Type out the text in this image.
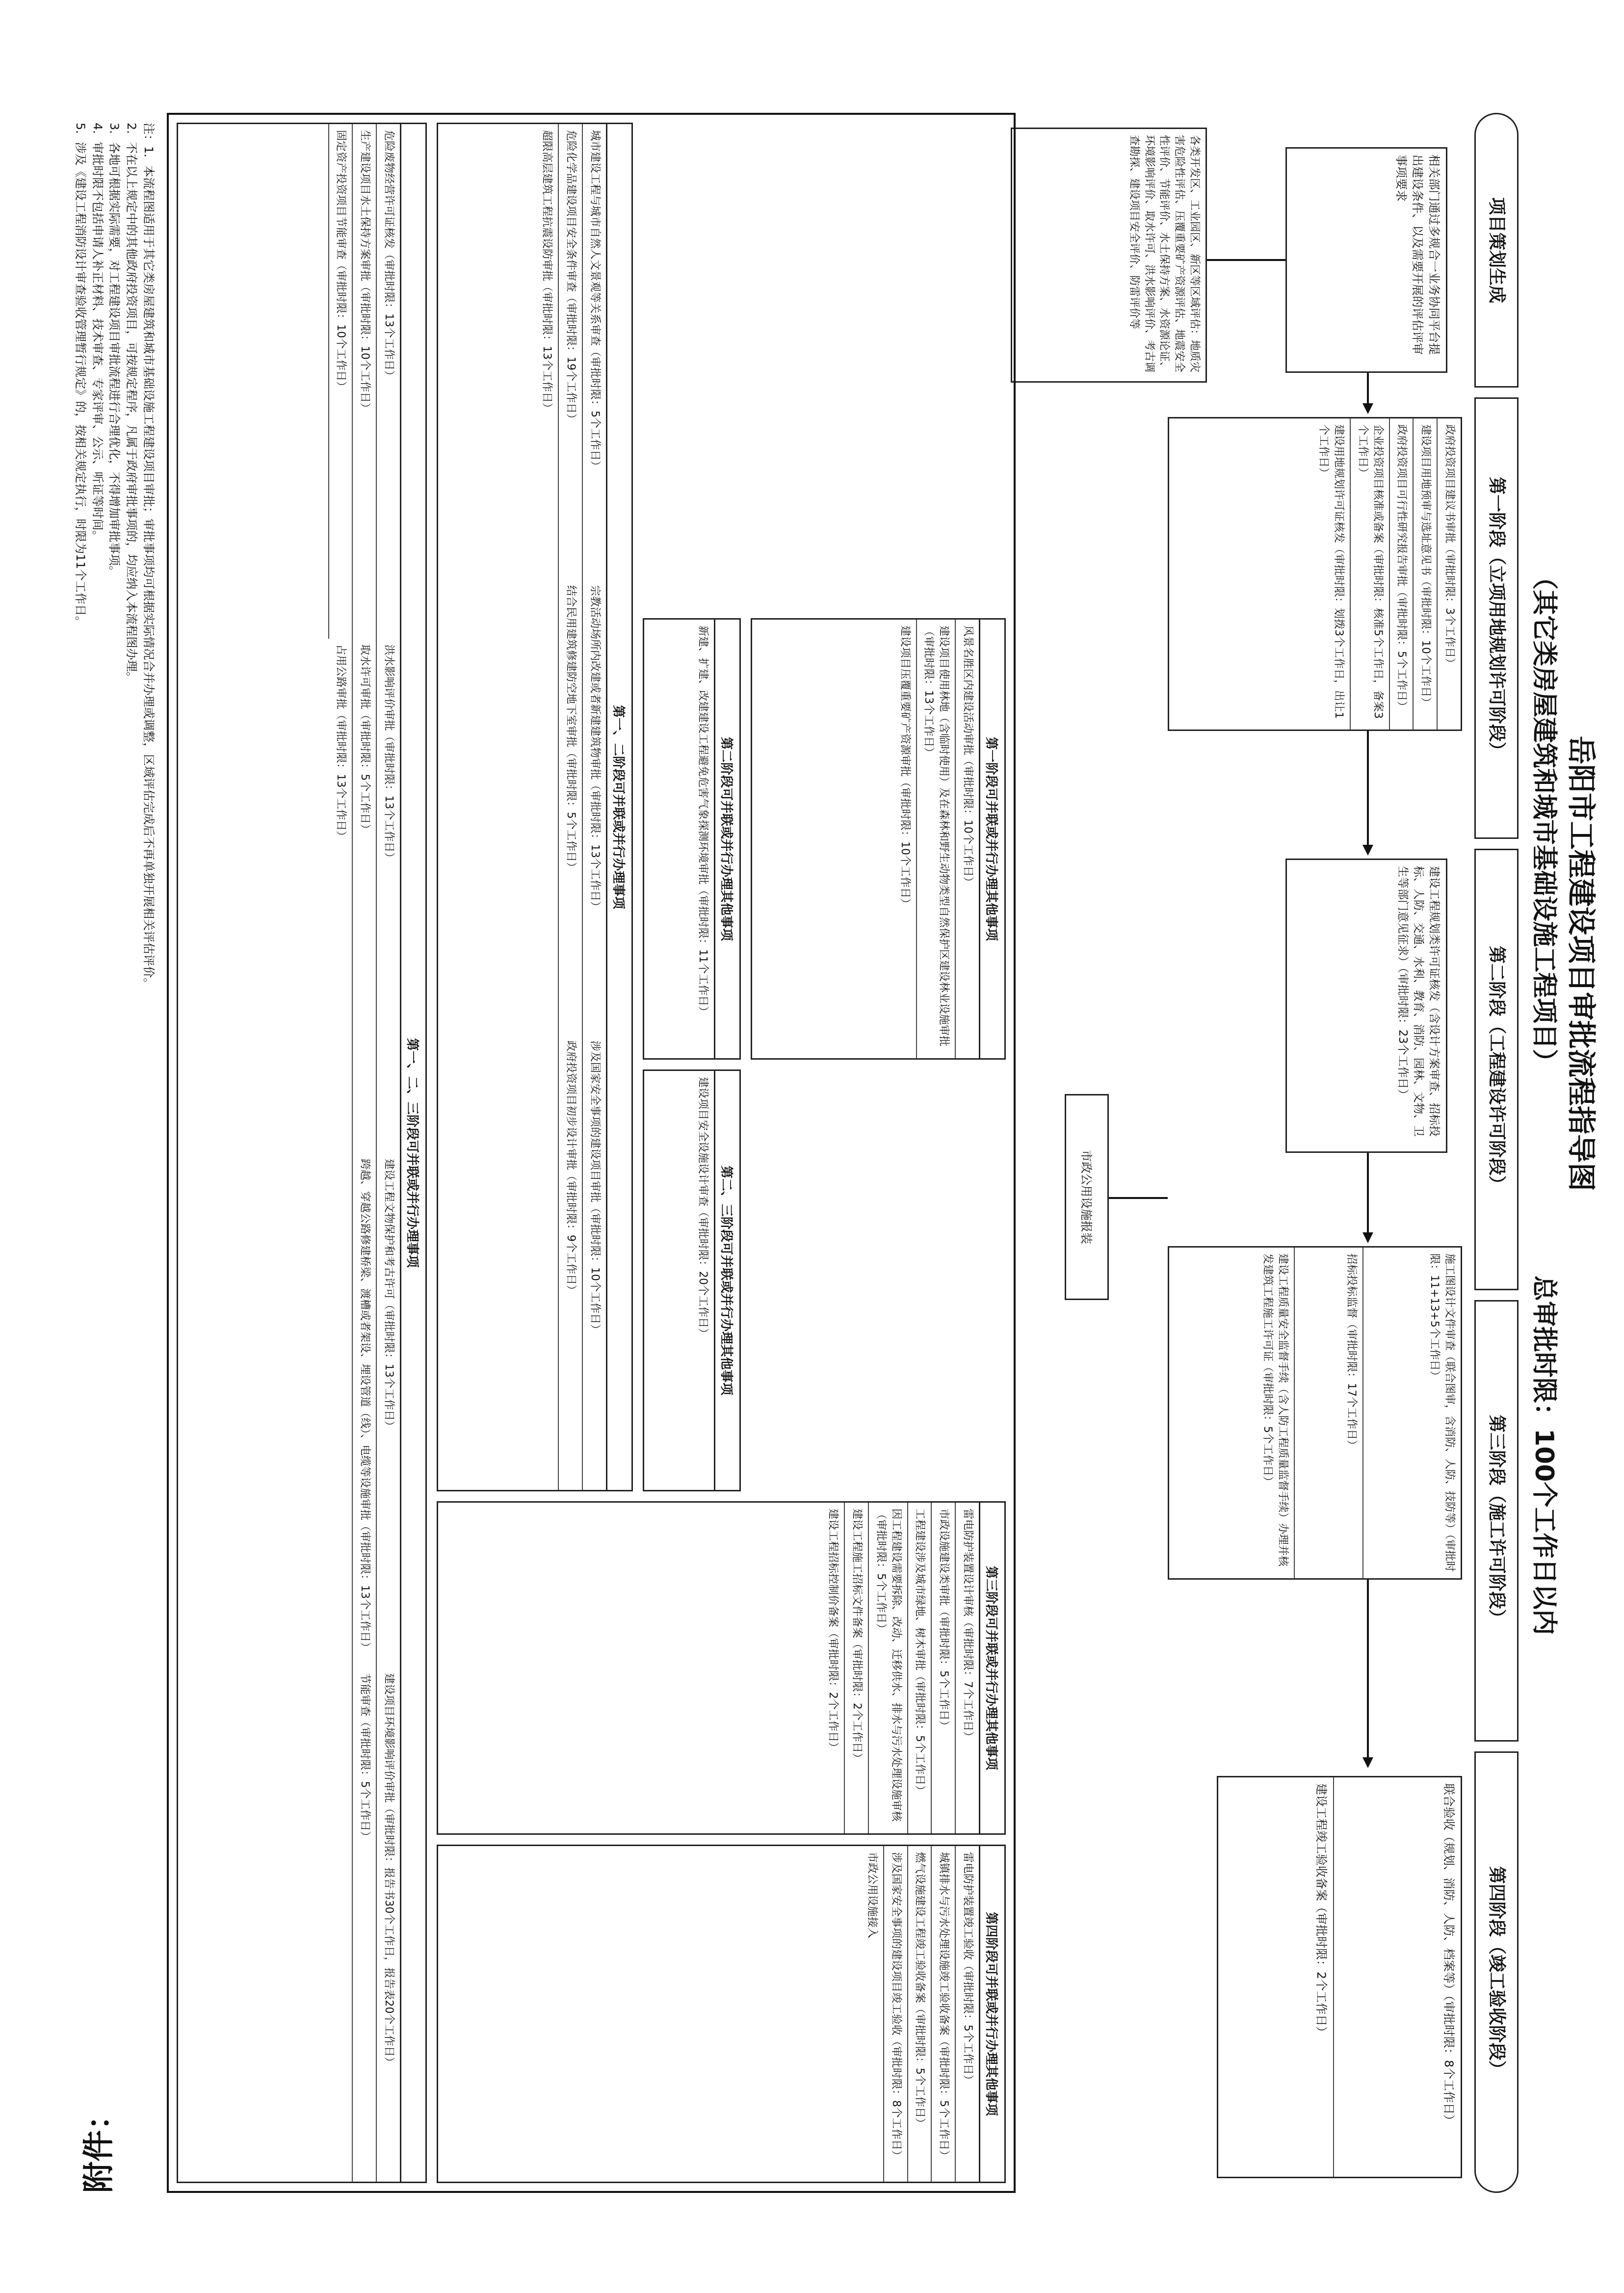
附件：
岳阳市工程建设项目审批流程指导图
（其它类房屋建筑和城市基础设施工程项目）
总审批时限：100个工作日以内
项目策划生成
第一阶段（立项用地规划许可阶段）
第二阶段（工程建设许可阶段）
第三阶段（施工许可阶段）
第四阶段（竣工验收阶段）
相关部门通过多规合一业务协同平台提出建设条件、以及需要开展的评估评审事项要求
各类开发区、工业园区、新区等区域评估：地质灾害危险性评估、压覆重要矿产资源评估、地震安全性评价、节能评价、水土保持方案、水资源论证、环境影响评价、取水许可、洪水影响评价、考古调查勘探、建设项目安全评价、防雷评价等
政府投资项目建议书审批（审批时限：3个工作日）
建设项目用地预审与选址意见书（审批时限：10个工作日）
政府投资项目可行性研究报告审批（审批时限：5个工作日）
企业投资项目核准或备案（审批时限：核准5个工作日，备案3个工作日）
建设用地规划许可证核发（审批时限：划拨3个工作日，出让1个工作日）
建设工程规划类许可证核发（含设计方案审查、招标投标、人防、交通、水利、教育、消防、园林、文物、卫生等部门意见征求）（审批时限：23个工作日）
施工图设计文件审查（联合图审，含消防、人防、技防等）（审批时限：11+13+5个工作日）
招标投标监督（审批时限：17个工作日）
建设工程质量安全监督手续（含人防工程质量监督手续）办理并核发建筑工程施工许可证（审批时限：5个工作日）
市政公用设施报装
联合验收（规划、消防、人防、档案等）（审批时限：8个工作日）
建设工程竣工验收备案（审批时限：2个工作日）
第一阶段可并联或并行办理其他事项
风景名胜区内建设活动审批（审批时限：10个工作日）
建设项目使用林地（含临时使用）及在森林和野生动物类型自然保护区建设林业设施审批（审批时限：13个工作日）
建设项目压覆重要矿产资源审批（审批时限：10个工作日）
第二阶段可并联或并行办理其他事项
新建、扩建、改建建设工程避免危害气象探测环境审批（审批时限：11个工作日）
第二、三阶段可并联或并行办理其他事项
建设项目安全设施设计审查（审批时限：20个工作日）
第一、二阶段可并联或并行办理事项
城市建设工程与城市自然人文景观等关系审查（审批时限：5个工作日）
宗教活动场所内改建或者新建建筑物审批（审批时限：13个工作日）
涉及国家安全事项的建设项目审批（审批时限：10个工作日）
危险化学品建设项目安全条件审查（审批时限：19个工作日）
结合民用建筑修建防空地下室审批（审批时限：5个工作日）
政府投资项目初步设计审批（审批时限：9个工作日）
超限高层建筑工程抗震设防审批（审批时限：13个工作日）
第三阶段可并联或并行办理其他事项
雷电防护装置设计审核（审批时限：7个工作日）
市政设施建设类审批（审批时限：5个工作日）
工程建设涉及城市绿地、树木审批（审批时限：5个工作日）
因工程建设需要拆除、改动、迁移供水、排水与污水处理设施审核（审批时限：5个工作日）
建设工程施工招标文件备案（审批时限：2个工作日）
建设工程招标控制价备案（审批时限：2个工作日）
第四阶段可并联或并行办理其他事项
雷电防护装置竣工验收（审批时限：5个工作日）
城镇排水与污水处理设施竣工验收备案（审批时限：5个工作日）
燃气设施建设工程竣工验收备案（审批时限：5个工作日）
涉及国家安全事项的建设项目竣工验收（审批时限：8个工作日）
市政公用设施接入
第一、二、三阶段可并联或并行办理事项
危险废物经营许可证核发（审批时限：13个工作日）
洪水影响评价审批（审批时限：13个工作日）
建设工程文物保护和考古许可（审批时限：13个工作日）
建设项目环境影响评价审批（审批时限：报告书30个工作日，报告表20个工作日）
生产建设项目水土保持方案审批（审批时限：10个工作日）
取水许可审批（审批时限：5个工作日）
跨越、穿越公路修建桥梁、渡槽或者架设、埋设管道（线）、电缆等设施审批（审批时限：13个工作日）
节能审查（审批时限：5个工作日）
固定资产投资项目节能审查（审批时限：10个工作日）
占用公路审批（审批时限：13个工作日）
注：1．本流程图适用于其它类房屋建筑和城市基础设施工程建设项目审批；审批事项均可根据实际情况合并办理或调整，区域评估完成后不再单独开展相关评估评价。
2．不在以上规定中的其他政府投资项目，可按规定程序，凡属于政府审批事项的，均应纳入本流程图办理。
3．各地可根据实际需要，对工程建设项目审批流程进行合理优化，不得增加审批事项。
4．审批时限不包括申请人补正材料、技术审查、专家评审、公示、听证等时间。
5．涉及《建设工程消防设计审查验收管理暂行规定》的，按相关规定执行，时限为11个工作日。
